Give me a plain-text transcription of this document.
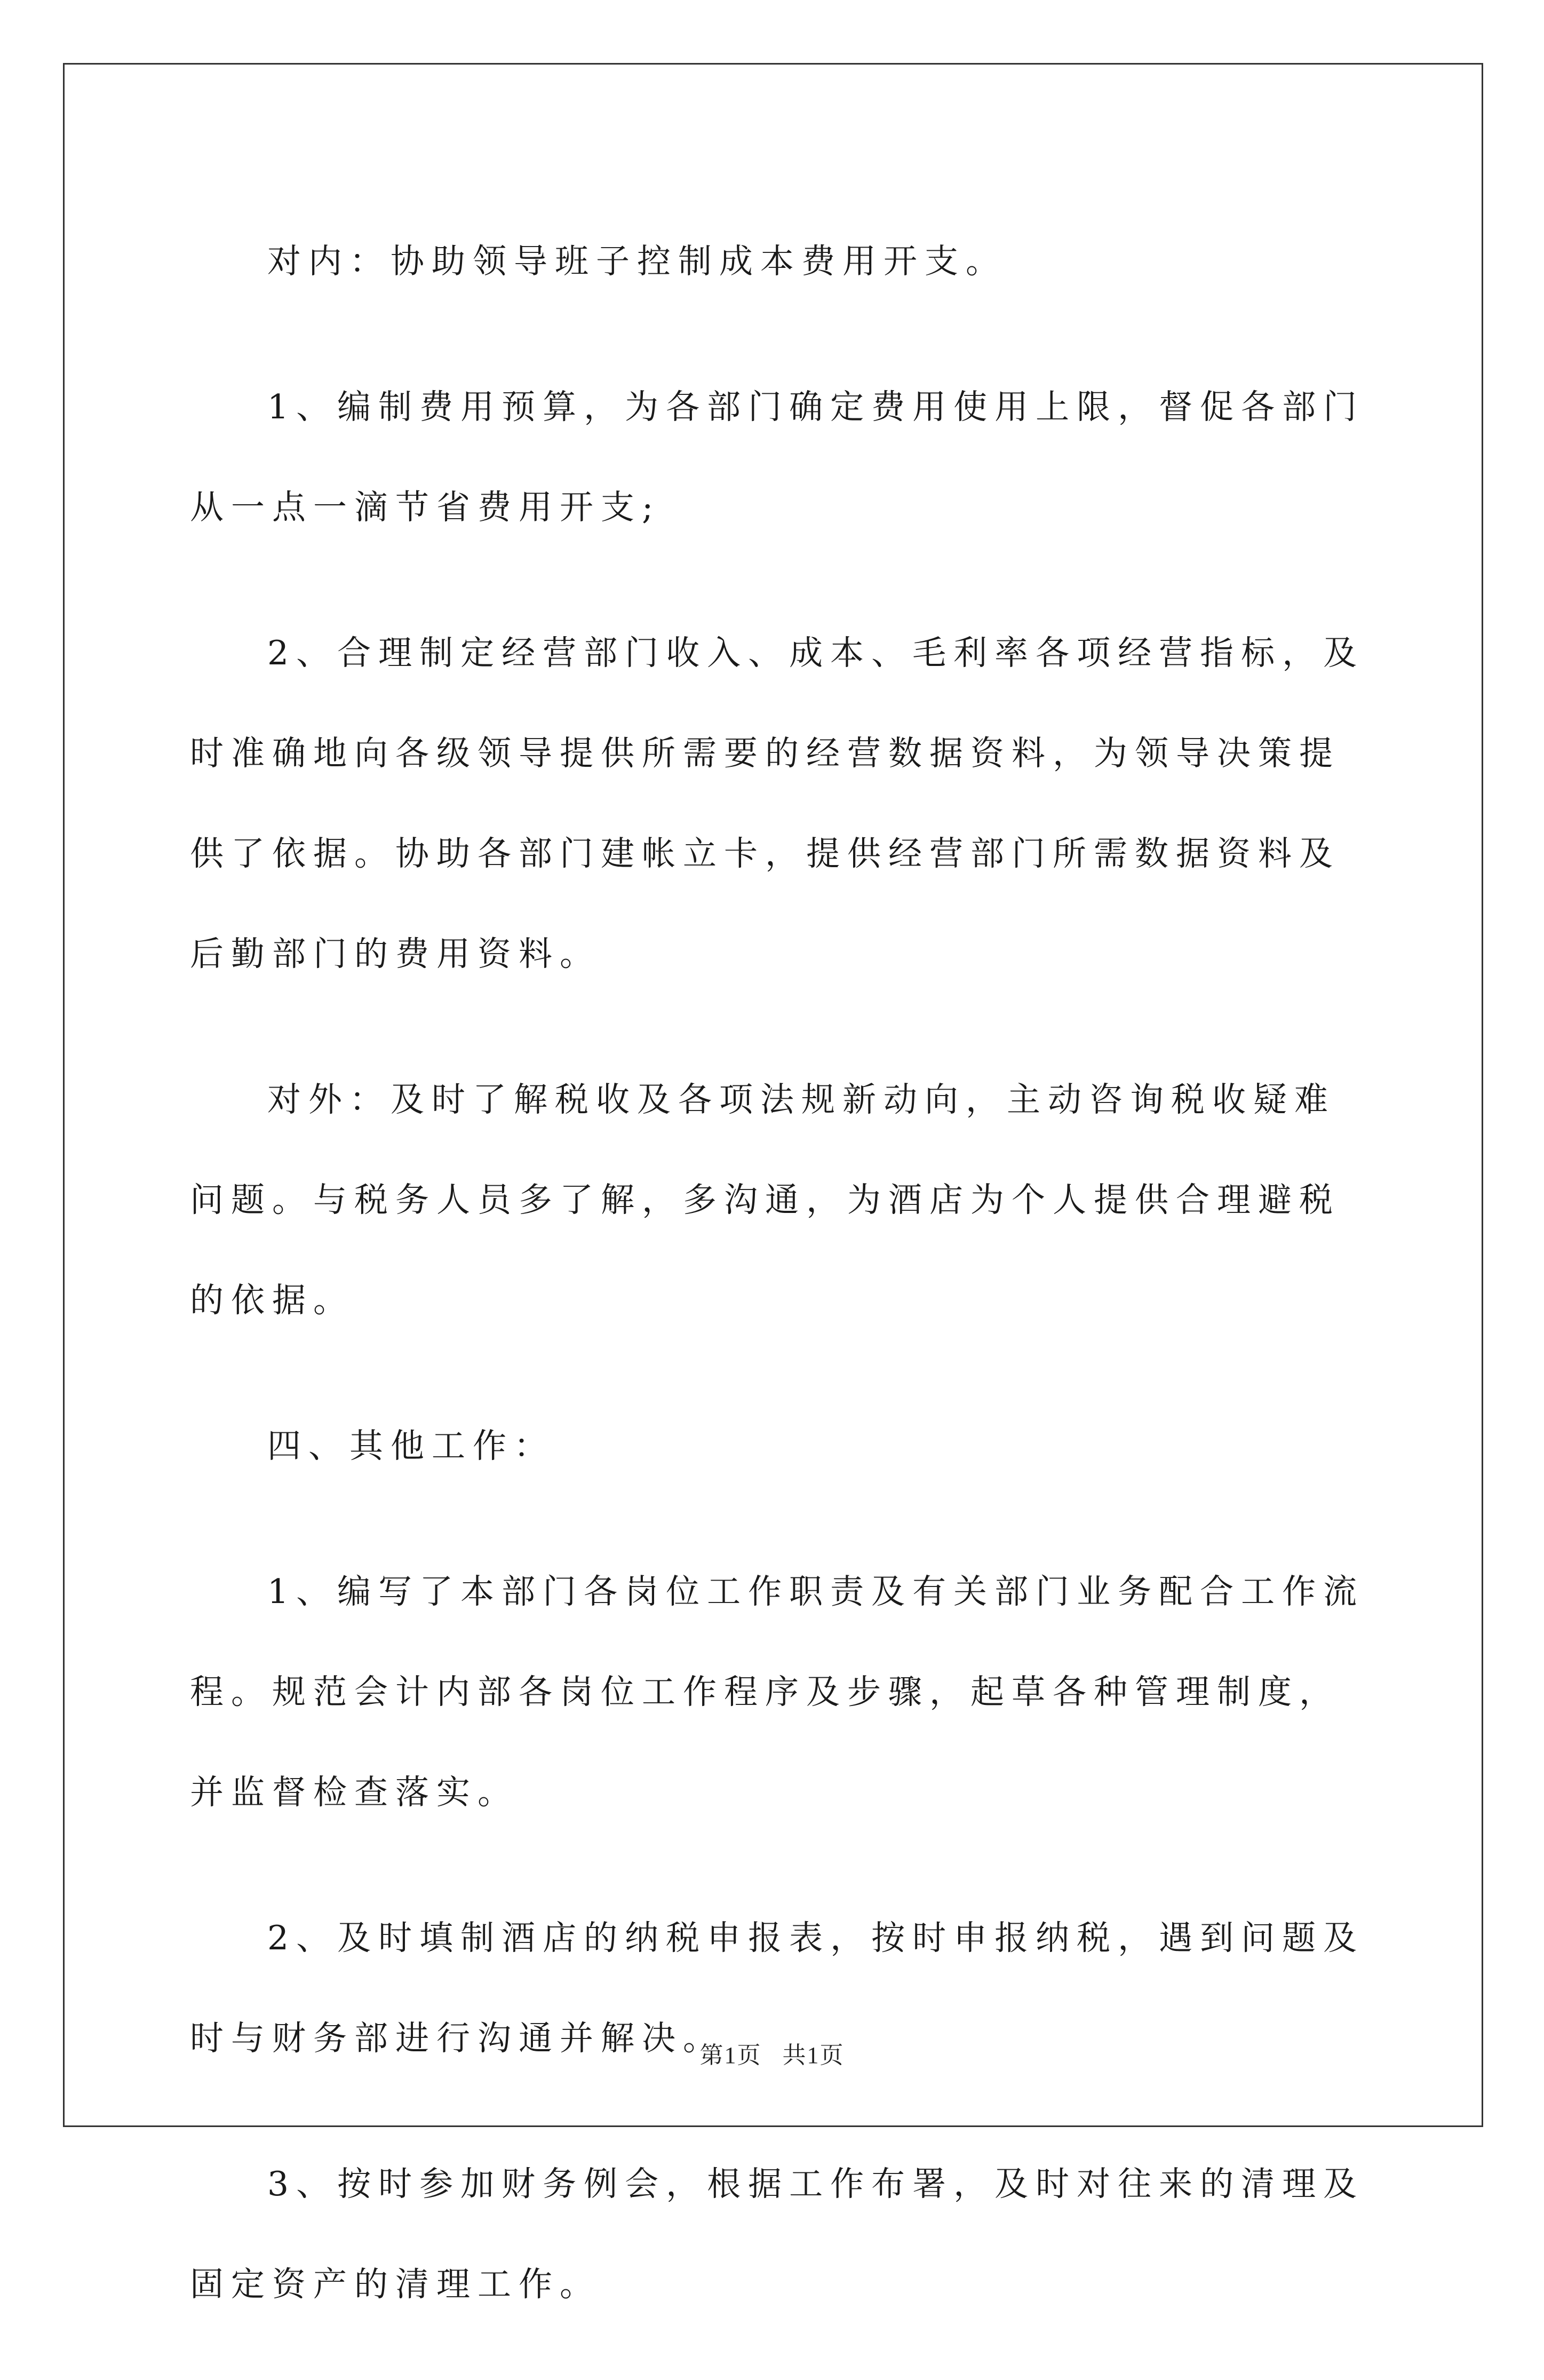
对内：协助领导班子控制成本费用开支。

1、编制费用预算，为各部门确定费用使用上限，督促各部门从一点一滴节省费用开支;

2、合理制定经营部门收入、成本、毛利率各项经营指标，及时准确地向各级领导提供所需要的经营数据资料，为领导决策提供了依据。协助各部门建帐立卡，提供经营部门所需数据资料及后勤部门的费用资料。

对外：及时了解税收及各项法规新动向，主动咨询税收疑难问题。与税务人员多了解，多沟通，为酒店为个人提供合理避税的依据。

四、其他工作：

1、编写了本部门各岗位工作职责及有关部门业务配合工作流程。规范会计内部各岗位工作程序及步骤，起草各种管理制度，并监督检查落实。

2、及时填制酒店的纳税申报表，按时申报纳税，遇到问题及时与财务部进行沟通并解决。

3、按时参加财务例会，根据工作布署，及时对往来的清理及固定资产的清理工作。

第1页 共1页
